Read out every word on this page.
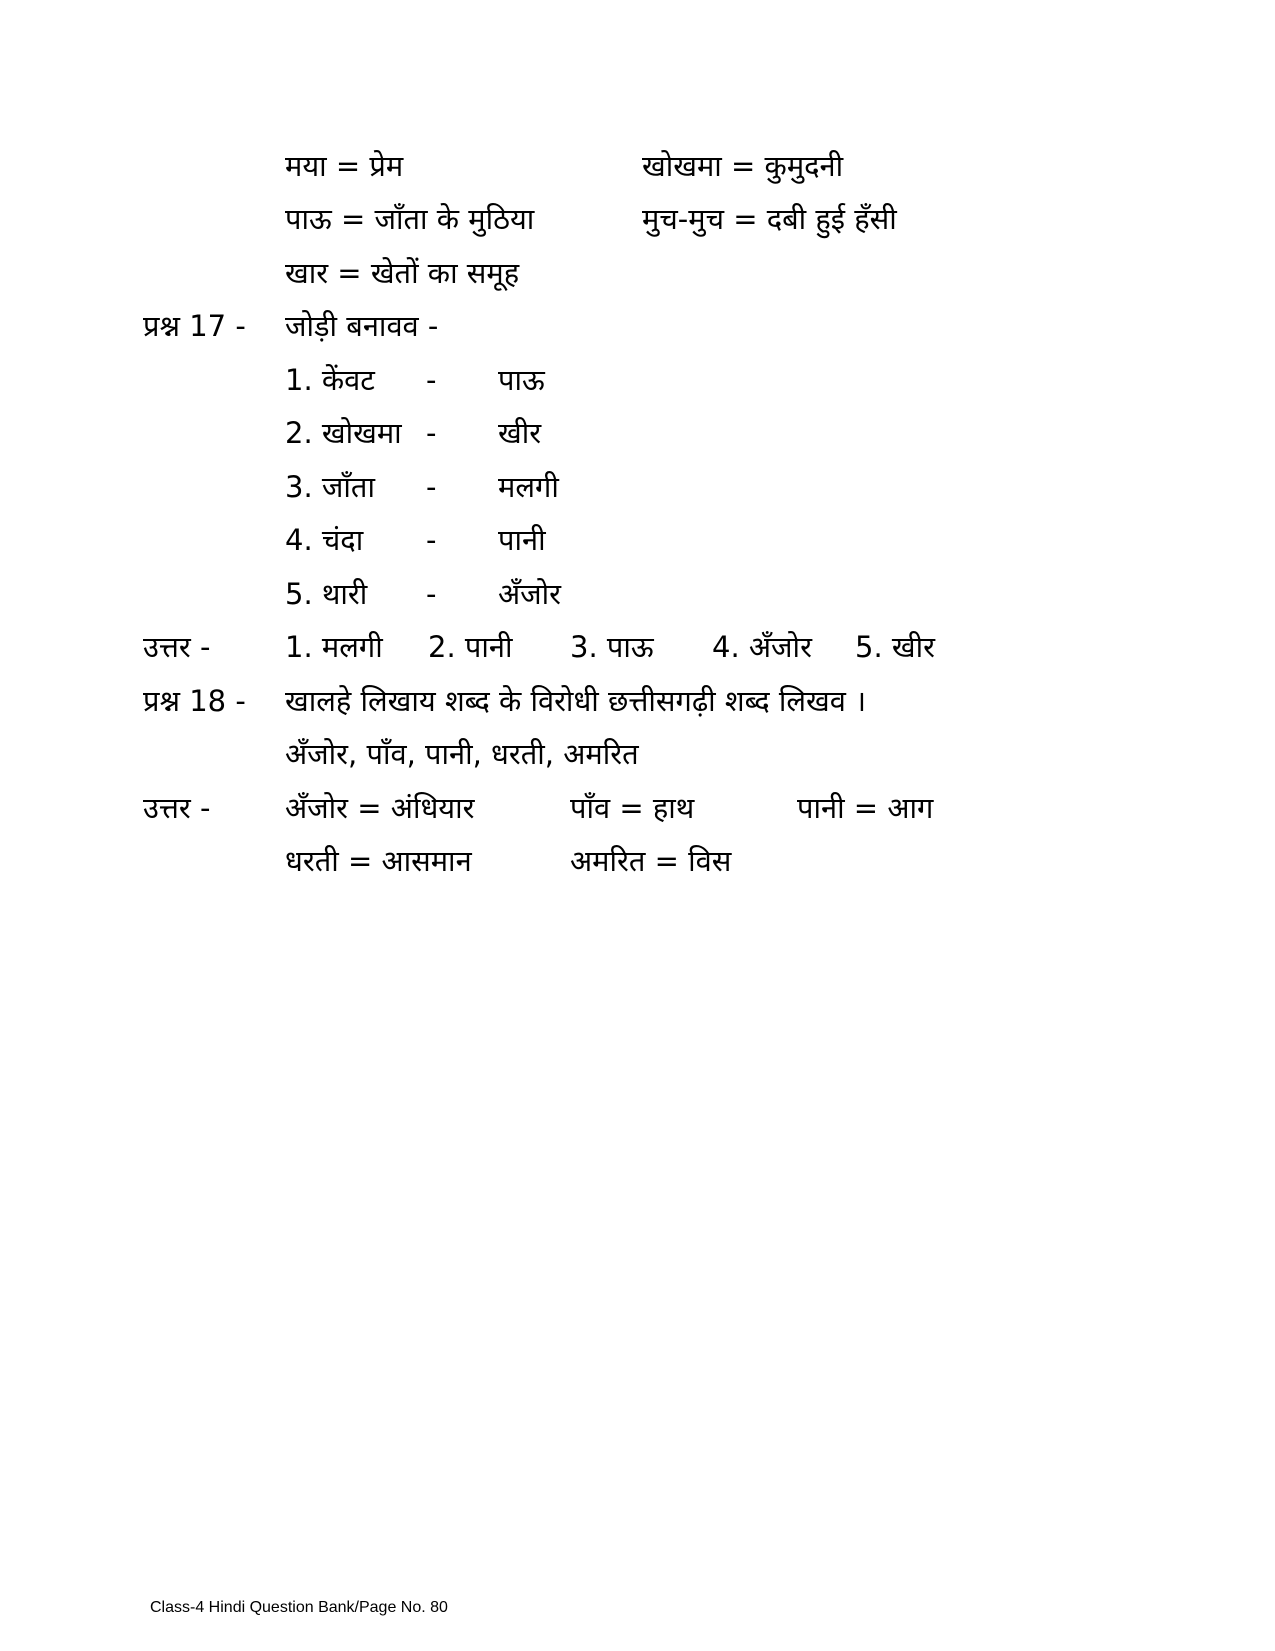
मया = प्रेम	खोखमा = कुमुदनी
पाऊ = जाँता के मुठिया	मुच-मुच = दबी हुई हँसी
खार = खेतों का समूह
प्रश्न 17 - जोड़ी बनावव -
1. केंवट - पाऊ
2. खोखमा - खीर
3. जाँता - मलगी
4. चंदा - पानी
5. थारी - अँजोर
उत्तर -	1. मलगी 2. पानी 3. पाऊ 4. अँजोर 5. खीर
प्रश्न 18 - खालहे लिखाय शब्द के विरोधी छत्तीसगढ़ी शब्द लिखव ।
अँजोर, पाँव, पानी, धरती, अमरित
उत्तर -	अँजोर = अंधियार	पाँव = हाथ	पानी = आग
धरती = आसमान	अमरित = विस
Class-4 Hindi Question Bank/Page No. 80
